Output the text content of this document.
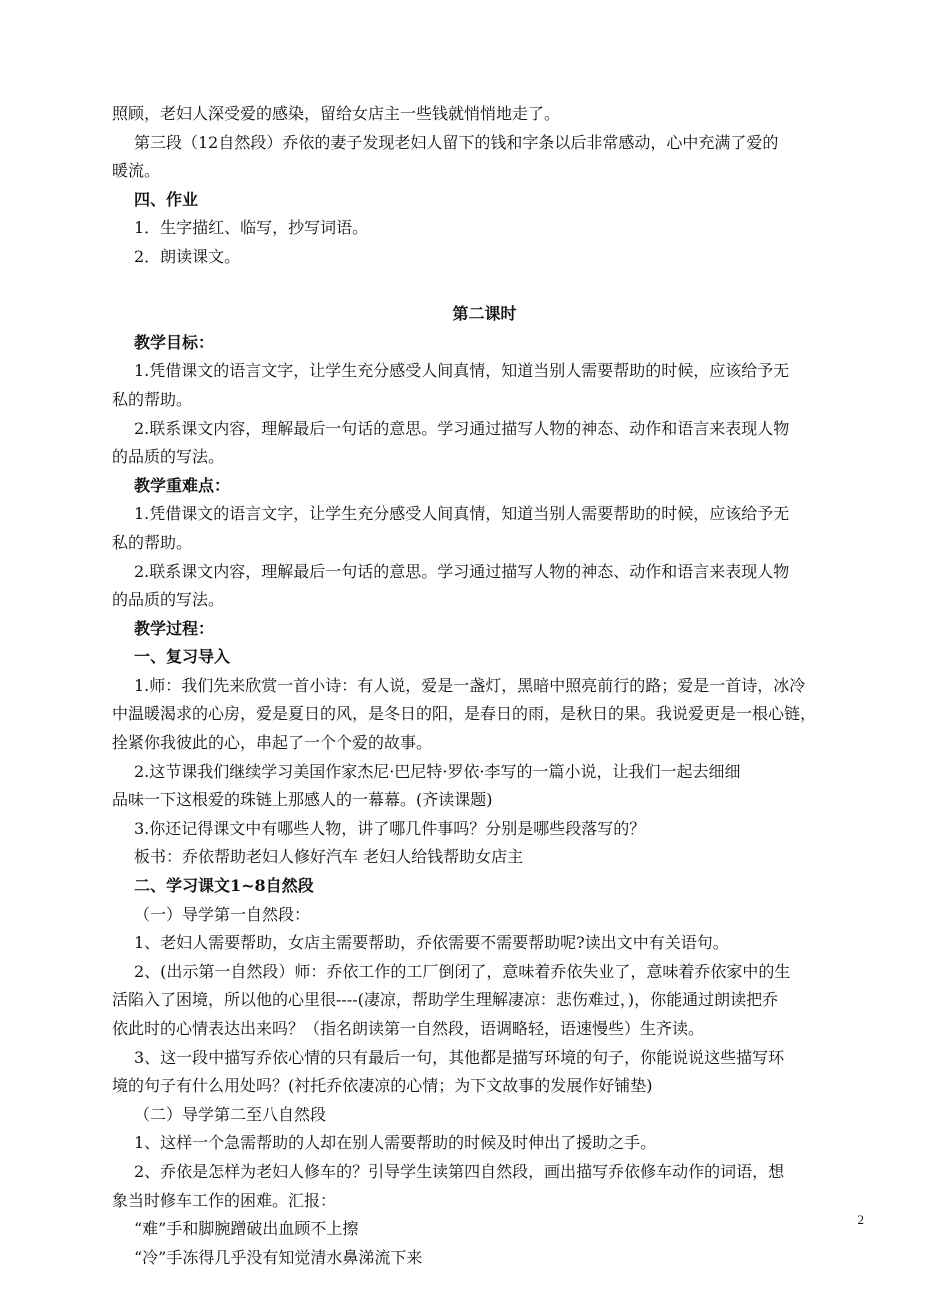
照顾，老妇人深受爱的感染，留给女店主一些钱就悄悄地走了。
第三段（12自然段）乔依的妻子发现老妇人留下的钱和字条以后非常感动，心中充满了爱的
暖流。
四、作业
1．生字描红、临写，抄写词语。
2．朗读课文。
第二课时
教学目标：
1.凭借课文的语言文字，让学生充分感受人间真情，知道当别人需要帮助的时候，应该给予无
私的帮助。
2.联系课文内容，理解最后一句话的意思。学习通过描写人物的神态、动作和语言来表现人物
的品质的写法。
教学重难点：
1.凭借课文的语言文字，让学生充分感受人间真情，知道当别人需要帮助的时候，应该给予无
私的帮助。
2.联系课文内容，理解最后一句话的意思。学习通过描写人物的神态、动作和语言来表现人物
的品质的写法。
教学过程：
一、复习导入
1.师：我们先来欣赏一首小诗：有人说，爱是一盏灯，黑暗中照亮前行的路；爱是一首诗，冰冷
中温暖渴求的心房，爱是夏日的风，是冬日的阳，是春日的雨，是秋日的果。我说爱更是一根心链，
拴紧你我彼此的心，串起了一个个爱的故事。
2.这节课我们继续学习美国作家杰尼·巴尼特·罗依·李写的一篇小说，让我们一起去细细
品味一下这根爱的珠链上那感人的一幕幕。(齐读课题)
3.你还记得课文中有哪些人物，讲了哪几件事吗？分别是哪些段落写的？
板书：乔依帮助老妇人修好汽车 老妇人给钱帮助女店主
二、学习课文1~8自然段
（一）导学第一自然段：
1、老妇人需要帮助，女店主需要帮助，乔依需要不需要帮助呢?读出文中有关语句。
2、(出示第一自然段）师：乔依工作的工厂倒闭了，意味着乔依失业了，意味着乔依家中的生
活陷入了困境，所以他的心里很----(凄凉，帮助学生理解凄凉：悲伤难过，)，你能通过朗读把乔
依此时的心情表达出来吗？（指名朗读第一自然段，语调略轻，语速慢些）生齐读。
3、这一段中描写乔依心情的只有最后一句，其他都是描写环境的句子，你能说说这些描写环
境的句子有什么用处吗？(衬托乔依凄凉的心情；为下文故事的发展作好铺垫)
（二）导学第二至八自然段
1、这样一个急需帮助的人却在别人需要帮助的时候及时伸出了援助之手。
2、乔依是怎样为老妇人修车的？引导学生读第四自然段，画出描写乔依修车动作的词语，想
象当时修车工作的困难。汇报：
“难”手和脚腕蹭破出血顾不上擦
“冷”手冻得几乎没有知觉清水鼻涕流下来
2
